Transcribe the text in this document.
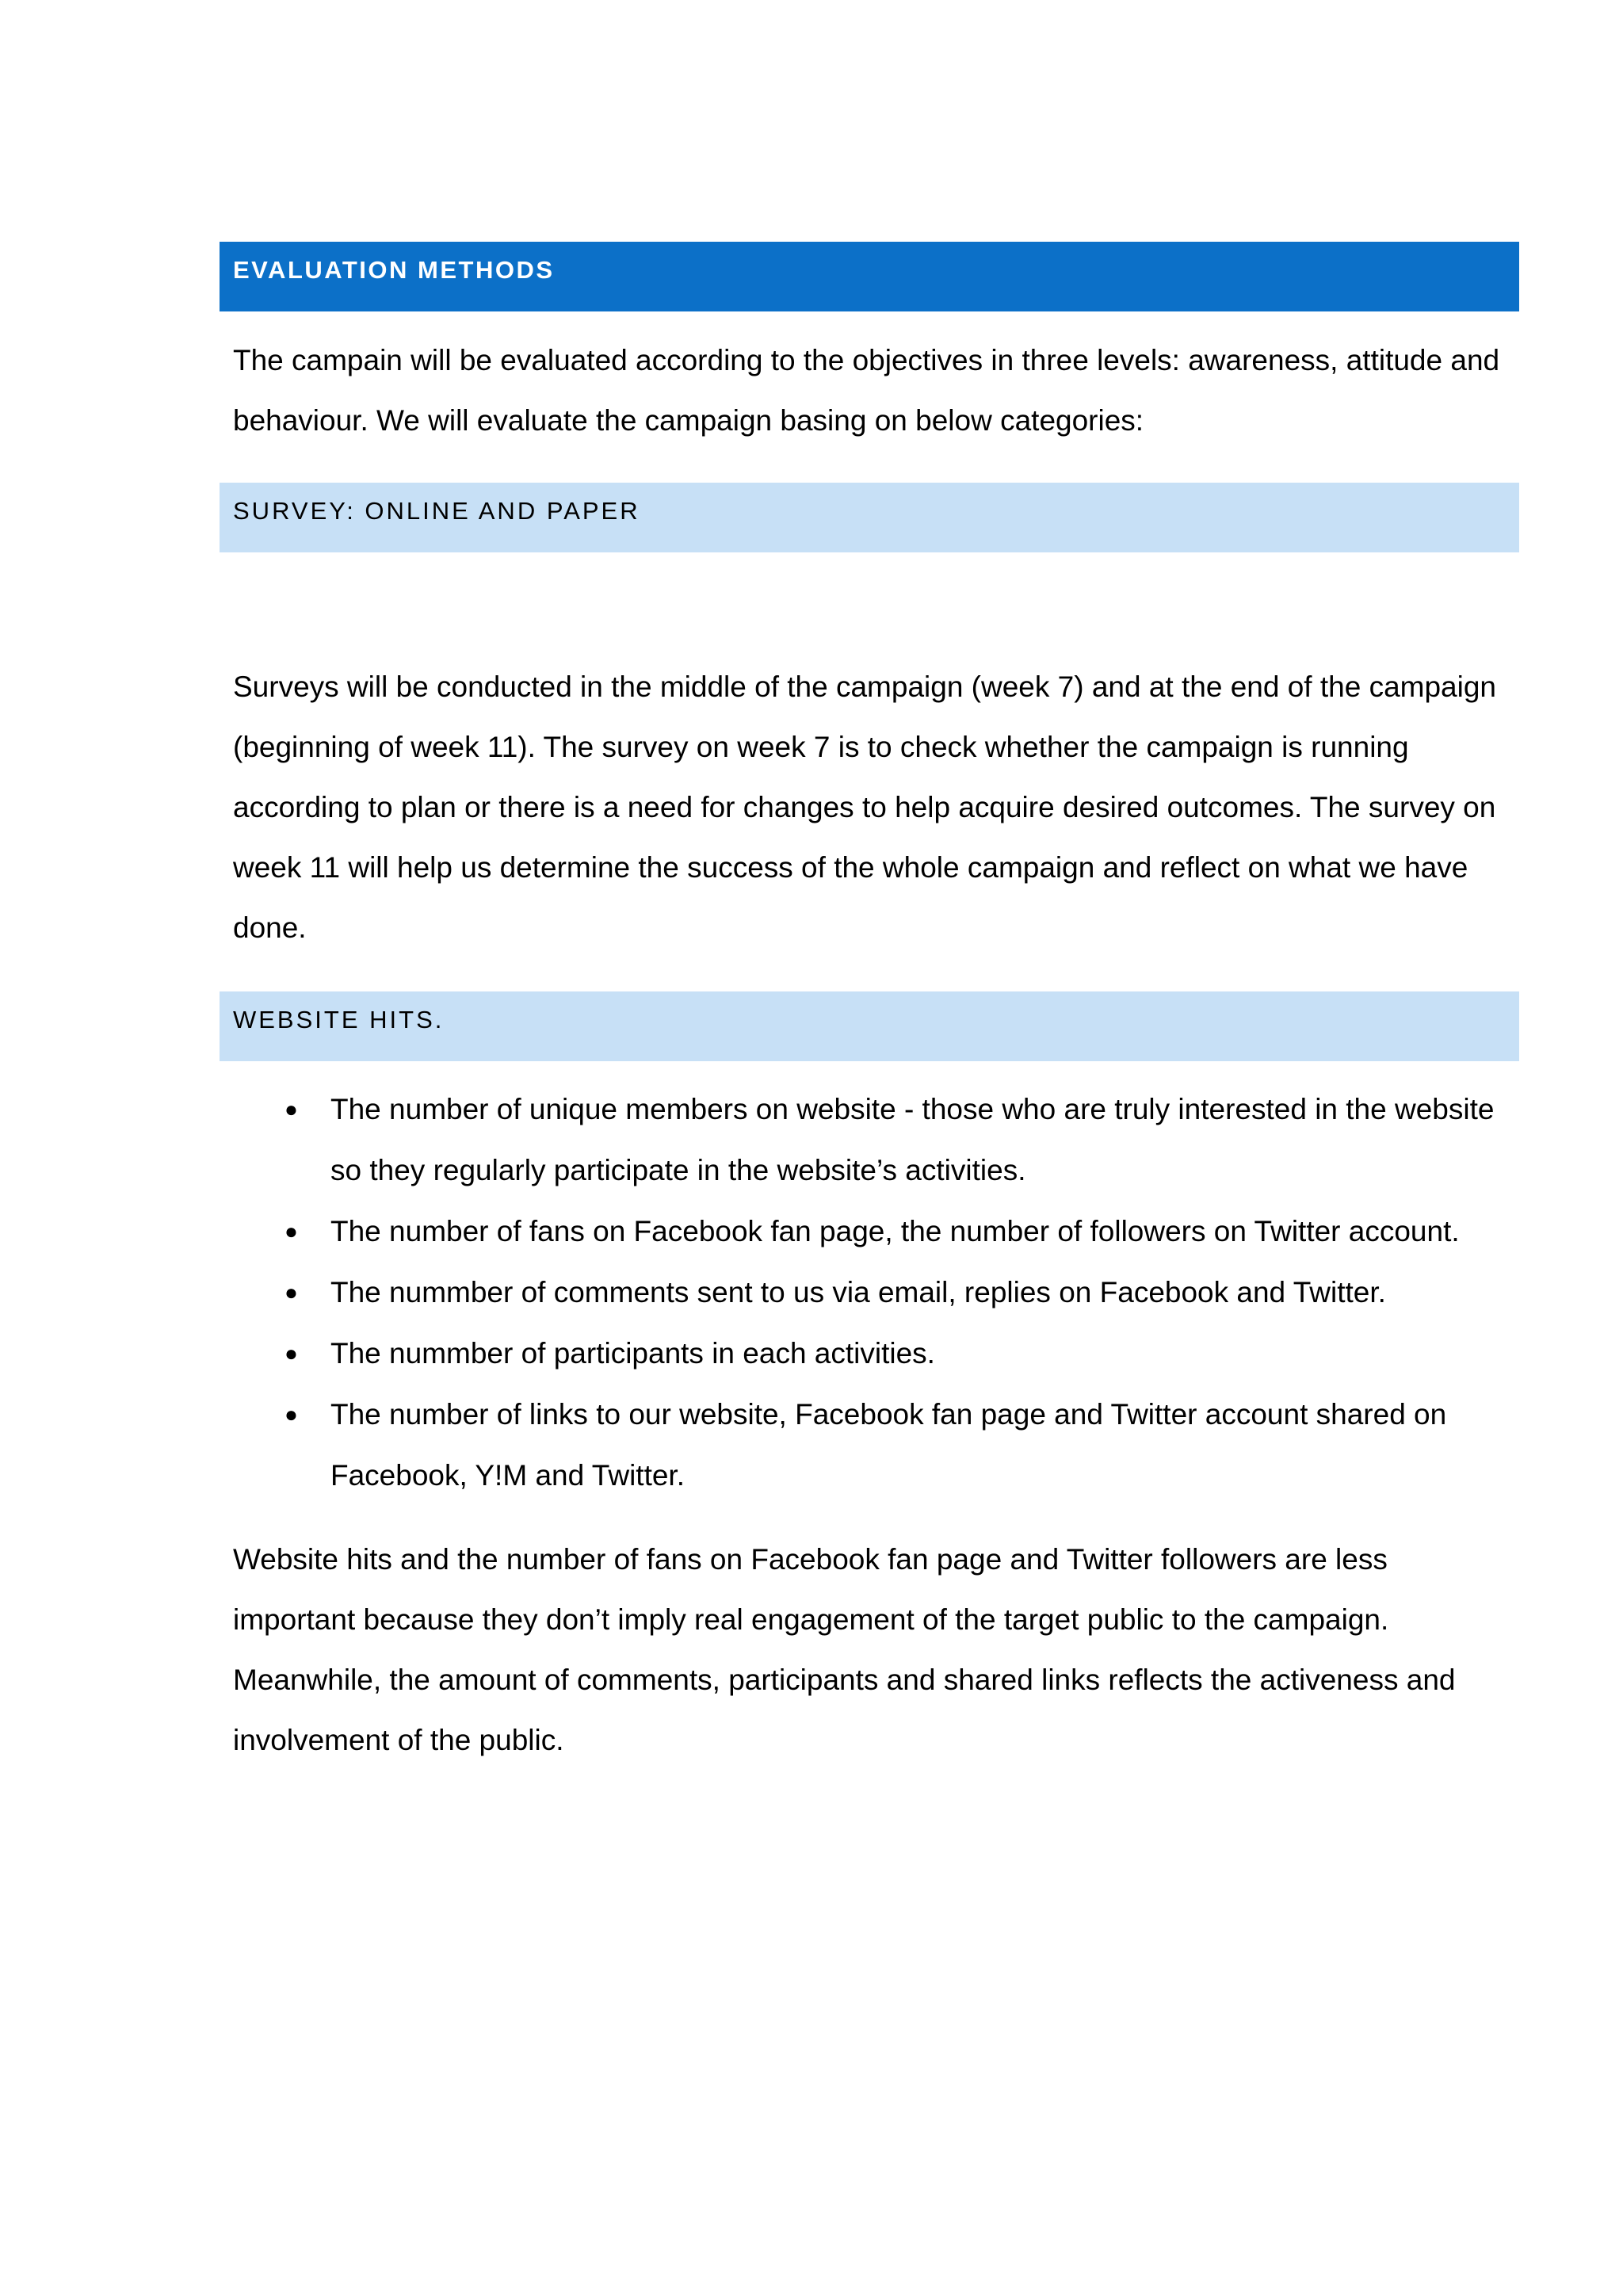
EVALUATION METHODS

The campain will be evaluated according to the objectives in three levels: awareness, attitude and behaviour. We will evaluate the campaign basing on below categories:

SURVEY: ONLINE AND PAPER

Surveys will be conducted in the middle of the campaign (week 7) and at the end of the campaign (beginning of week 11). The survey on week 7 is to check whether the campaign is running according to plan or there is a need for changes to help acquire desired outcomes. The survey on week 11 will help us determine the success of the whole campaign and reflect on what we have done.

WEBSITE HITS.
● The number of unique members on website - those who are truly interested in the website so they regularly participate in the website’s activities.
● The number of fans on Facebook fan page, the number of followers on Twitter account.
● The nummber of comments sent to us via email, replies on Facebook and Twitter.
● The nummber of participants in each activities.
● The number of links to our website, Facebook fan page and Twitter account shared on Facebook, Y!M and Twitter.

Website hits and the number of fans on Facebook fan page and Twitter followers are less important because they don’t imply real engagement of the target public to the campaign. Meanwhile, the amount of comments, participants and shared links reflects the activeness and involvement of the public.
